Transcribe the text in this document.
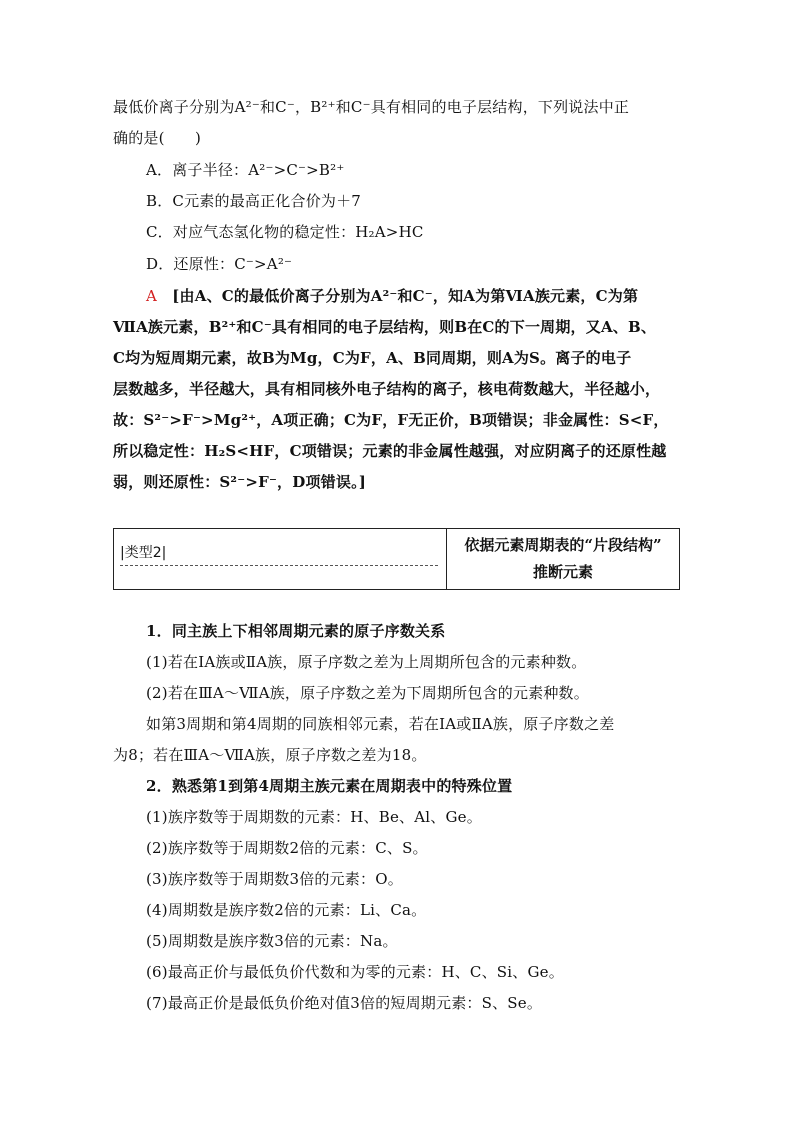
最低价离子分别为A²⁻和C⁻，B²⁺和C⁻具有相同的电子层结构，下列说法中正
确的是(　　)
A．离子半径：A²⁻>C⁻>B²⁺
B．C元素的最高正化合价为＋7
C．对应气态氢化物的稳定性：H₂A>HC
D．还原性：C⁻>A²⁻
A　 [由A、C的最低价离子分别为A²⁻和C⁻，知A为第ⅥA族元素，C为第
ⅦA族元素，B²⁺和C⁻具有相同的电子层结构，则B在C的下一周期，又A、B、
C均为短周期元素，故B为Mg，C为F，A、B同周期，则A为S。离子的电子
层数越多，半径越大，具有相同核外电子结构的离子，核电荷数越大，半径越小，
故：S²⁻>F⁻>Mg²⁺，A项正确；C为F，F无正价，B项错误；非金属性：S<F，
所以稳定性：H₂S<HF，C项错误；元素的非金属性越强，对应阴离子的还原性越
弱，则还原性：S²⁻>F⁻，D项错误。]
|类型2|	依据元素周期表的“片段结构”
推断元素
1．同主族上下相邻周期元素的原子序数关系
(1)若在ⅠA族或ⅡA族，原子序数之差为上周期所包含的元素种数。
(2)若在ⅢA～ⅦA族，原子序数之差为下周期所包含的元素种数。
如第3周期和第4周期的同族相邻元素，若在ⅠA或ⅡA族，原子序数之差
为8；若在ⅢA～ⅦA族，原子序数之差为18。
2．熟悉第1到第4周期主族元素在周期表中的特殊位置
(1)族序数等于周期数的元素：H、Be、Al、Ge。
(2)族序数等于周期数2倍的元素：C、S。
(3)族序数等于周期数3倍的元素：O。
(4)周期数是族序数2倍的元素：Li、Ca。
(5)周期数是族序数3倍的元素：Na。
(6)最高正价与最低负价代数和为零的元素：H、C、Si、Ge。
(7)最高正价是最低负价绝对值3倍的短周期元素：S、Se。
